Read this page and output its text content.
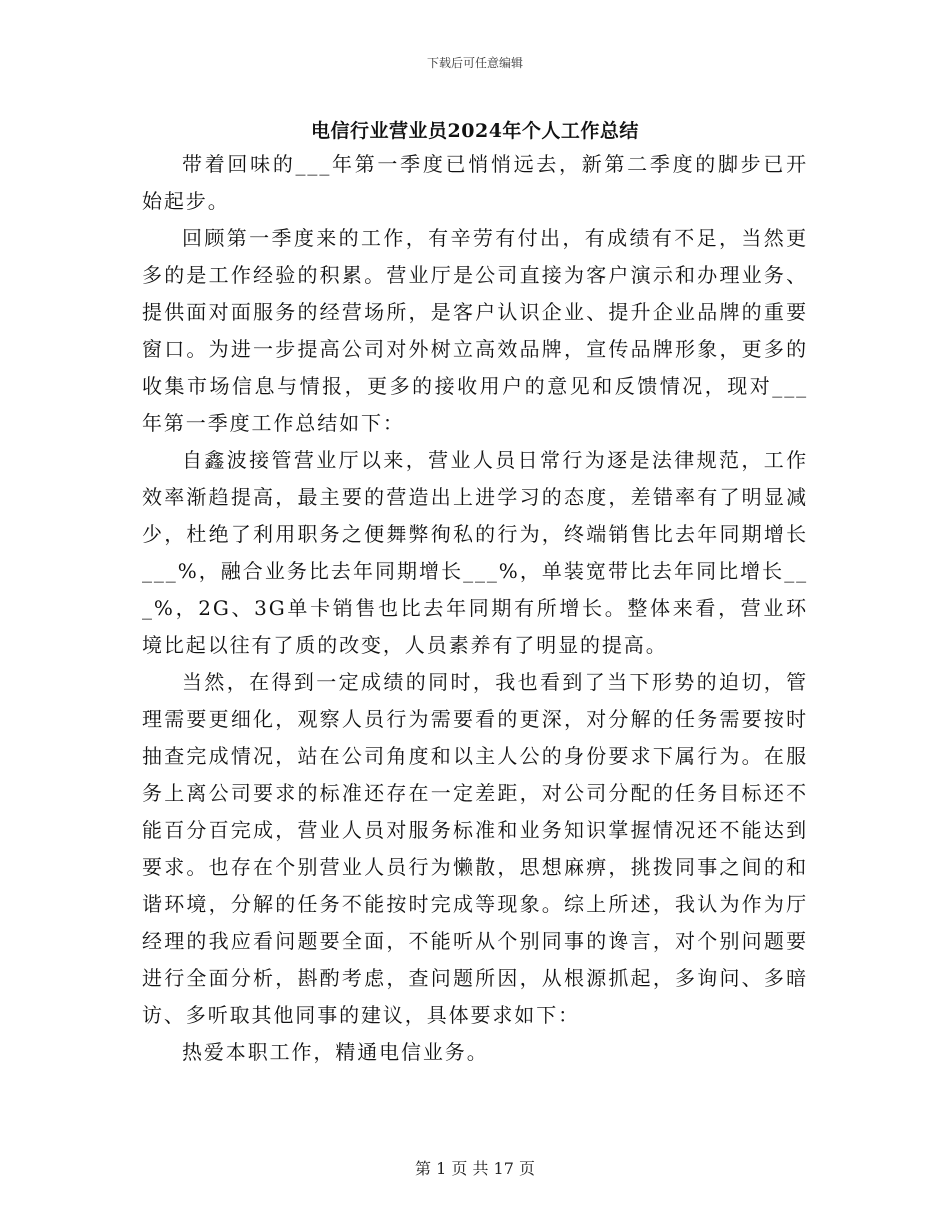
下载后可任意编辑
电信行业营业员2024年个人工作总结

带着回味的___年第一季度已悄悄远去，新第二季度的脚步已开始起步。

回顾第一季度来的工作，有辛劳有付出，有成绩有不足，当然更多的是工作经验的积累。营业厅是公司直接为客户演示和办理业务、提供面对面服务的经营场所，是客户认识企业、提升企业品牌的重要窗口。为进一步提高公司对外树立高效品牌，宣传品牌形象，更多的收集市场信息与情报，更多的接收用户的意见和反馈情况，现对___年第一季度工作总结如下：

自鑫波接管营业厅以来，营业人员日常行为逐是法律规范，工作效率渐趋提高，最主要的营造出上进学习的态度，差错率有了明显减少，杜绝了利用职务之便舞弊徇私的行为，终端销售比去年同期增长___%，融合业务比去年同期增长___%，单装宽带比去年同比增长___%，2G、3G单卡销售也比去年同期有所增长。整体来看，营业环境比起以往有了质的改变，人员素养有了明显的提高。

当然，在得到一定成绩的同时，我也看到了当下形势的迫切，管理需要更细化，观察人员行为需要看的更深，对分解的任务需要按时抽查完成情况，站在公司角度和以主人公的身份要求下属行为。在服务上离公司要求的标准还存在一定差距，对公司分配的任务目标还不能百分百完成，营业人员对服务标准和业务知识掌握情况还不能达到要求。也存在个别营业人员行为懒散，思想麻痹，挑拨同事之间的和谐环境，分解的任务不能按时完成等现象。综上所述，我认为作为厅经理的我应看问题要全面，不能听从个别同事的谗言，对个别问题要进行全面分析，斟酌考虑，查问题所因，从根源抓起，多询问、多暗访、多听取其他同事的建议，具体要求如下：

热爱本职工作，精通电信业务。

第 1 页 共 17 页
